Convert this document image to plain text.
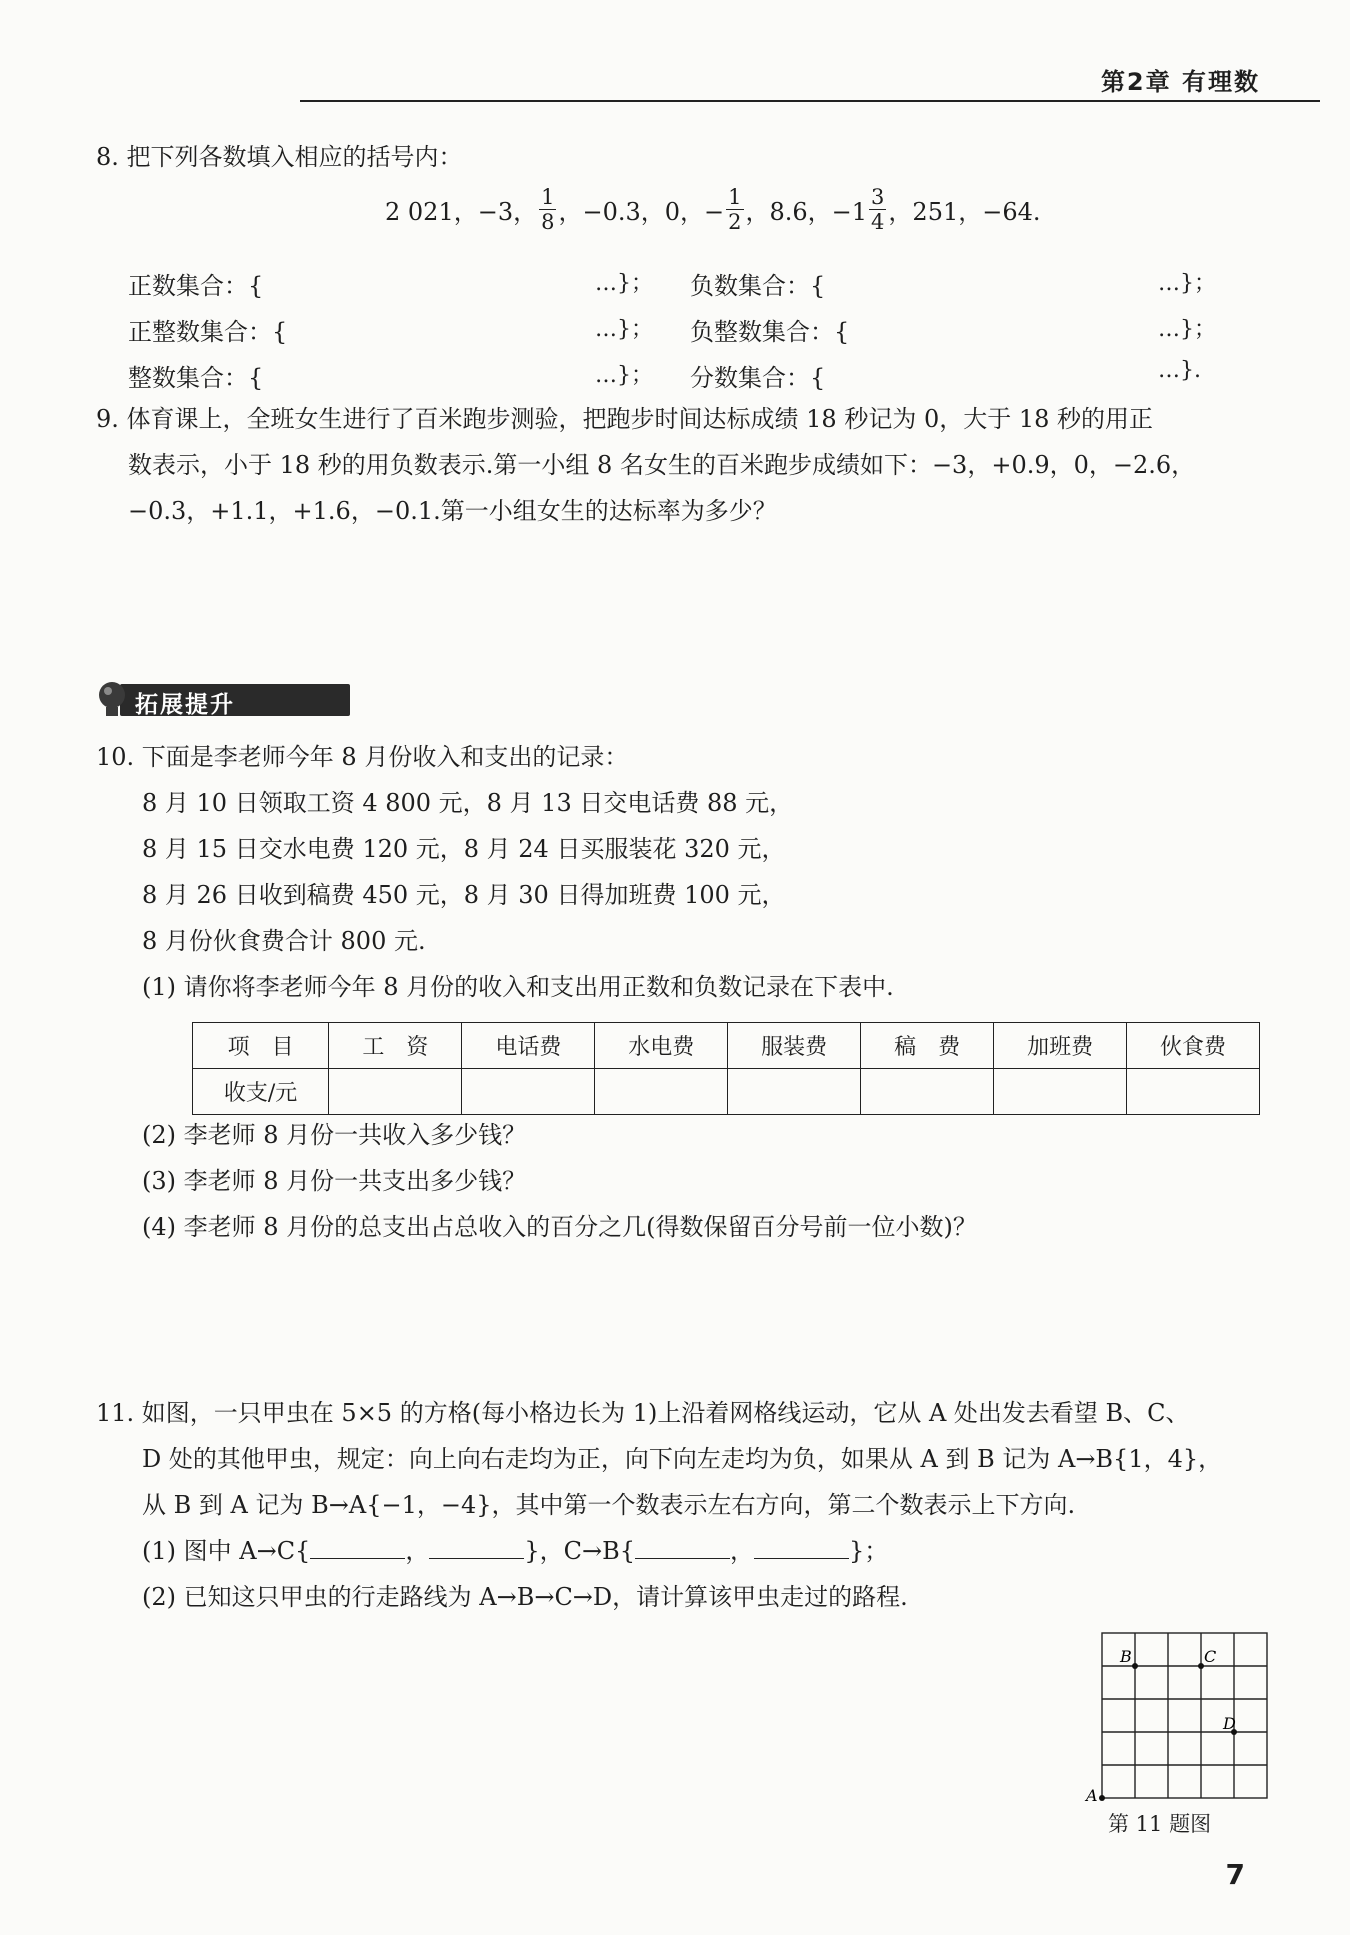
第2章 有理数
8. 把下列各数填入相应的括号内：
2 021，−3， $\frac{1}{8}$ ，−0.3，0，− $\frac{1}{2}$ ，8.6，$-1 \frac{3}{4}$ ，251，−64.
正数集合：{	…}； 负数集合：{	…}；
正整数集合：{	…}； 负整数集合：{	…}；
整数集合：{	…}； 分数集合：{	…}.
9. 体育课上，全班女生进行了百米跑步测验，把跑步时间达标成绩 18 秒记为 0，大于 18 秒的用正
数表示，小于 18 秒的用负数表示.第一小组 8 名女生的百米跑步成绩如下：−3，+0.9，0，−2.6，
−0.3，+1.1，+1.6，−0.1.第一小组女生的达标率为多少？
拓展提升
10. 下面是李老师今年 8 月份收入和支出的记录：
8 月 10 日领取工资 4 800 元，8 月 13 日交电话费 88 元，
8 月 15 日交水电费 120 元，8 月 24 日买服装花 320 元，
8 月 26 日收到稿费 450 元，8 月 30 日得加班费 100 元，
8 月份伙食费合计 800 元.
(1) 请你将李老师今年 8 月份的收入和支出用正数和负数记录在下表中.
项　目	工　资	电话费	水电费	服装费	稿　费	加班费	伙食费
收支/元							
(2) 李老师 8 月份一共收入多少钱？
(3) 李老师 8 月份一共支出多少钱？
(4) 李老师 8 月份的总支出占总收入的百分之几(得数保留百分号前一位小数)？
11. 如图，一只甲虫在 5×5 的方格(每小格边长为 1)上沿着网格线运动，它从 A 处出发去看望 B、C、
D 处的其他甲虫，规定：向上向右走均为正，向下向左走均为负，如果从 A 到 B 记为 A→B{1，4}，
从 B 到 A 记为 B→A{−1，−4}，其中第一个数表示左右方向，第二个数表示上下方向.
(1) 图中 A→C{	，	}，C→B{	，	}；
(2) 已知这只甲虫的行走路线为 A→B→C→D，请计算该甲虫走过的路程.
B	C
D
A
第 11 题图
7
